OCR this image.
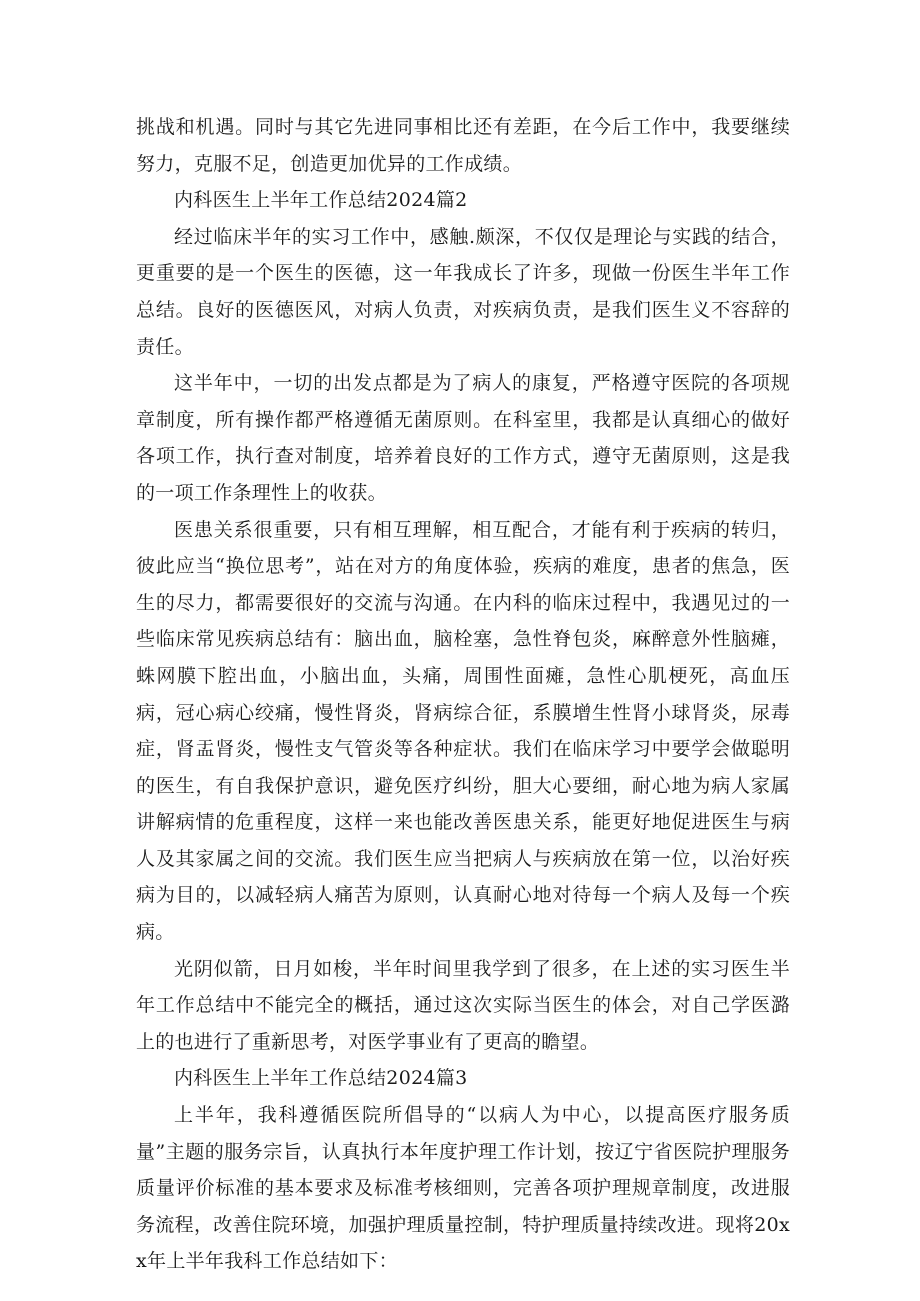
挑战和机遇。同时与其它先进同事相比还有差距，在今后工作中，我要继续努力，克服不足，创造更加优异的工作成绩。

内科医生上半年工作总结2024篇2

经过临床半年的实习工作中，感触.颇深，不仅仅是理论与实践的结合，更重要的是一个医生的医德，这一年我成长了许多，现做一份医生半年工作总结。良好的医德医风，对病人负责，对疾病负责，是我们医生义不容辞的责任。

这半年中，一切的出发点都是为了病人的康复，严格遵守医院的各项规章制度，所有操作都严格遵循无菌原则。在科室里，我都是认真细心的做好各项工作，执行查对制度，培养着良好的工作方式，遵守无菌原则，这是我的一项工作条理性上的收获。

医患关系很重要，只有相互理解，相互配合，才能有利于疾病的转归，彼此应当“换位思考”，站在对方的角度体验，疾病的难度，患者的焦急，医生的尽力，都需要很好的交流与沟通。在内科的临床过程中，我遇见过的一些临床常见疾病总结有：脑出血，脑栓塞，急性脊包炎，麻醉意外性脑瘫，蛛网膜下腔出血，小脑出血，头痛，周围性面瘫，急性心肌梗死，高血压病，冠心病心绞痛，慢性肾炎，肾病综合征，系膜增生性肾小球肾炎，尿毒症，肾盂肾炎，慢性支气管炎等各种症状。我们在临床学习中要学会做聪明的医生，有自我保护意识，避免医疗纠纷，胆大心要细，耐心地为病人家属讲解病情的危重程度，这样一来也能改善医患关系，能更好地促进医生与病人及其家属之间的交流。我们医生应当把病人与疾病放在第一位，以治好疾病为目的，以减轻病人痛苦为原则，认真耐心地对待每一个病人及每一个疾病。

光阴似箭，日月如梭，半年时间里我学到了很多，在上述的实习医生半年工作总结中不能完全的概括，通过这次实际当医生的体会，对自己学医潞上的也进行了重新思考，对医学事业有了更高的瞻望。

内科医生上半年工作总结2024篇3

上半年，我科遵循医院所倡导的“以病人为中心，以提高医疗服务质量”主题的服务宗旨，认真执行本年度护理工作计划，按辽宁省医院护理服务质量评价标准的基本要求及标准考核细则，完善各项护理规章制度，改进服务流程，改善住院环境，加强护理质量控制，特护理质量持续改进。现将20xx年上半年我科工作总结如下：
